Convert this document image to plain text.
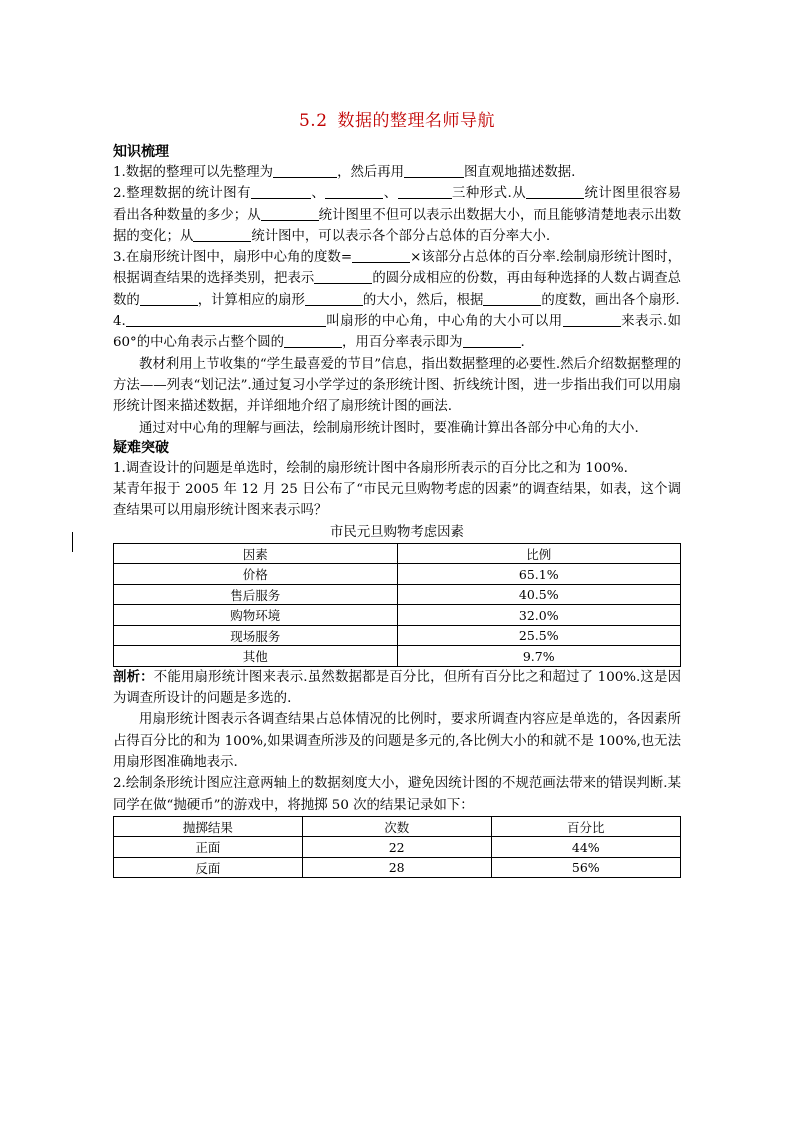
5.2 数据的整理名师导航
知识梳理

1.数据的整理可以先整理为	，然后再用	图直观地描述数据.

2.整理数据的统计图有	、	、	三种形式.从	统计图里很容易看出各种数量的多少；从	统计图里不但可以表示出数据大小，而且能够清楚地表示出数据的变化；从	统计图中，可以表示各个部分占总体的百分率大小.

3.在扇形统计图中，扇形中心角的度数=	×该部分占总体的百分率.绘制扇形统计图时，根据调查结果的选择类别，把表示	的圆分成相应的份数，再由每种选择的人数占调查总数的	，计算相应的扇形	的大小，然后，根据	的度数，画出各个扇形.

4.	叫扇形的中心角，中心角的大小可以用	来表示.如 60°的中心角表示占整个圆的	，用百分率表示即为	.

教材利用上节收集的“学生最喜爱的节目”信息，指出数据整理的必要性.然后介绍数据整理的方法——列表“划记法”.通过复习小学学过的条形统计图、折线统计图，进一步指出我们可以用扇形统计图来描述数据，并详细地介绍了扇形统计图的画法.

通过对中心角的理解与画法，绘制扇形统计图时，要准确计算出各部分中心角的大小.

疑难突破

1.调查设计的问题是单选时，绘制的扇形统计图中各扇形所表示的百分比之和为 100%.

某青年报于 2005 年 12 月 25 日公布了“市民元旦购物考虑的因素”的调查结果，如表，这个调查结果可以用扇形统计图来表示吗？

市民元旦购物考虑因素
因素	比例
价格	65.1%
售后服务	40.5%
购物环境	32.0%
现场服务	25.5%
其他	9.7%

剖析：不能用扇形统计图来表示.虽然数据都是百分比，但所有百分比之和超过了 100%.这是因为调查所设计的问题是多选的.

用扇形统计图表示各调查结果占总体情况的比例时，要求所调查内容应是单选的，各因素所占得百分比的和为 100%,如果调查所涉及的问题是多元的,各比例大小的和就不是 100%,也无法用扇形图准确地表示.

2.绘制条形统计图应注意两轴上的数据刻度大小，避免因统计图的不规范画法带来的错误判断.某同学在做“抛硬币”的游戏中，将抛掷 50 次的结果记录如下：

抛掷结果	次数	百分比
正面	22	44%
反面	28	56%
